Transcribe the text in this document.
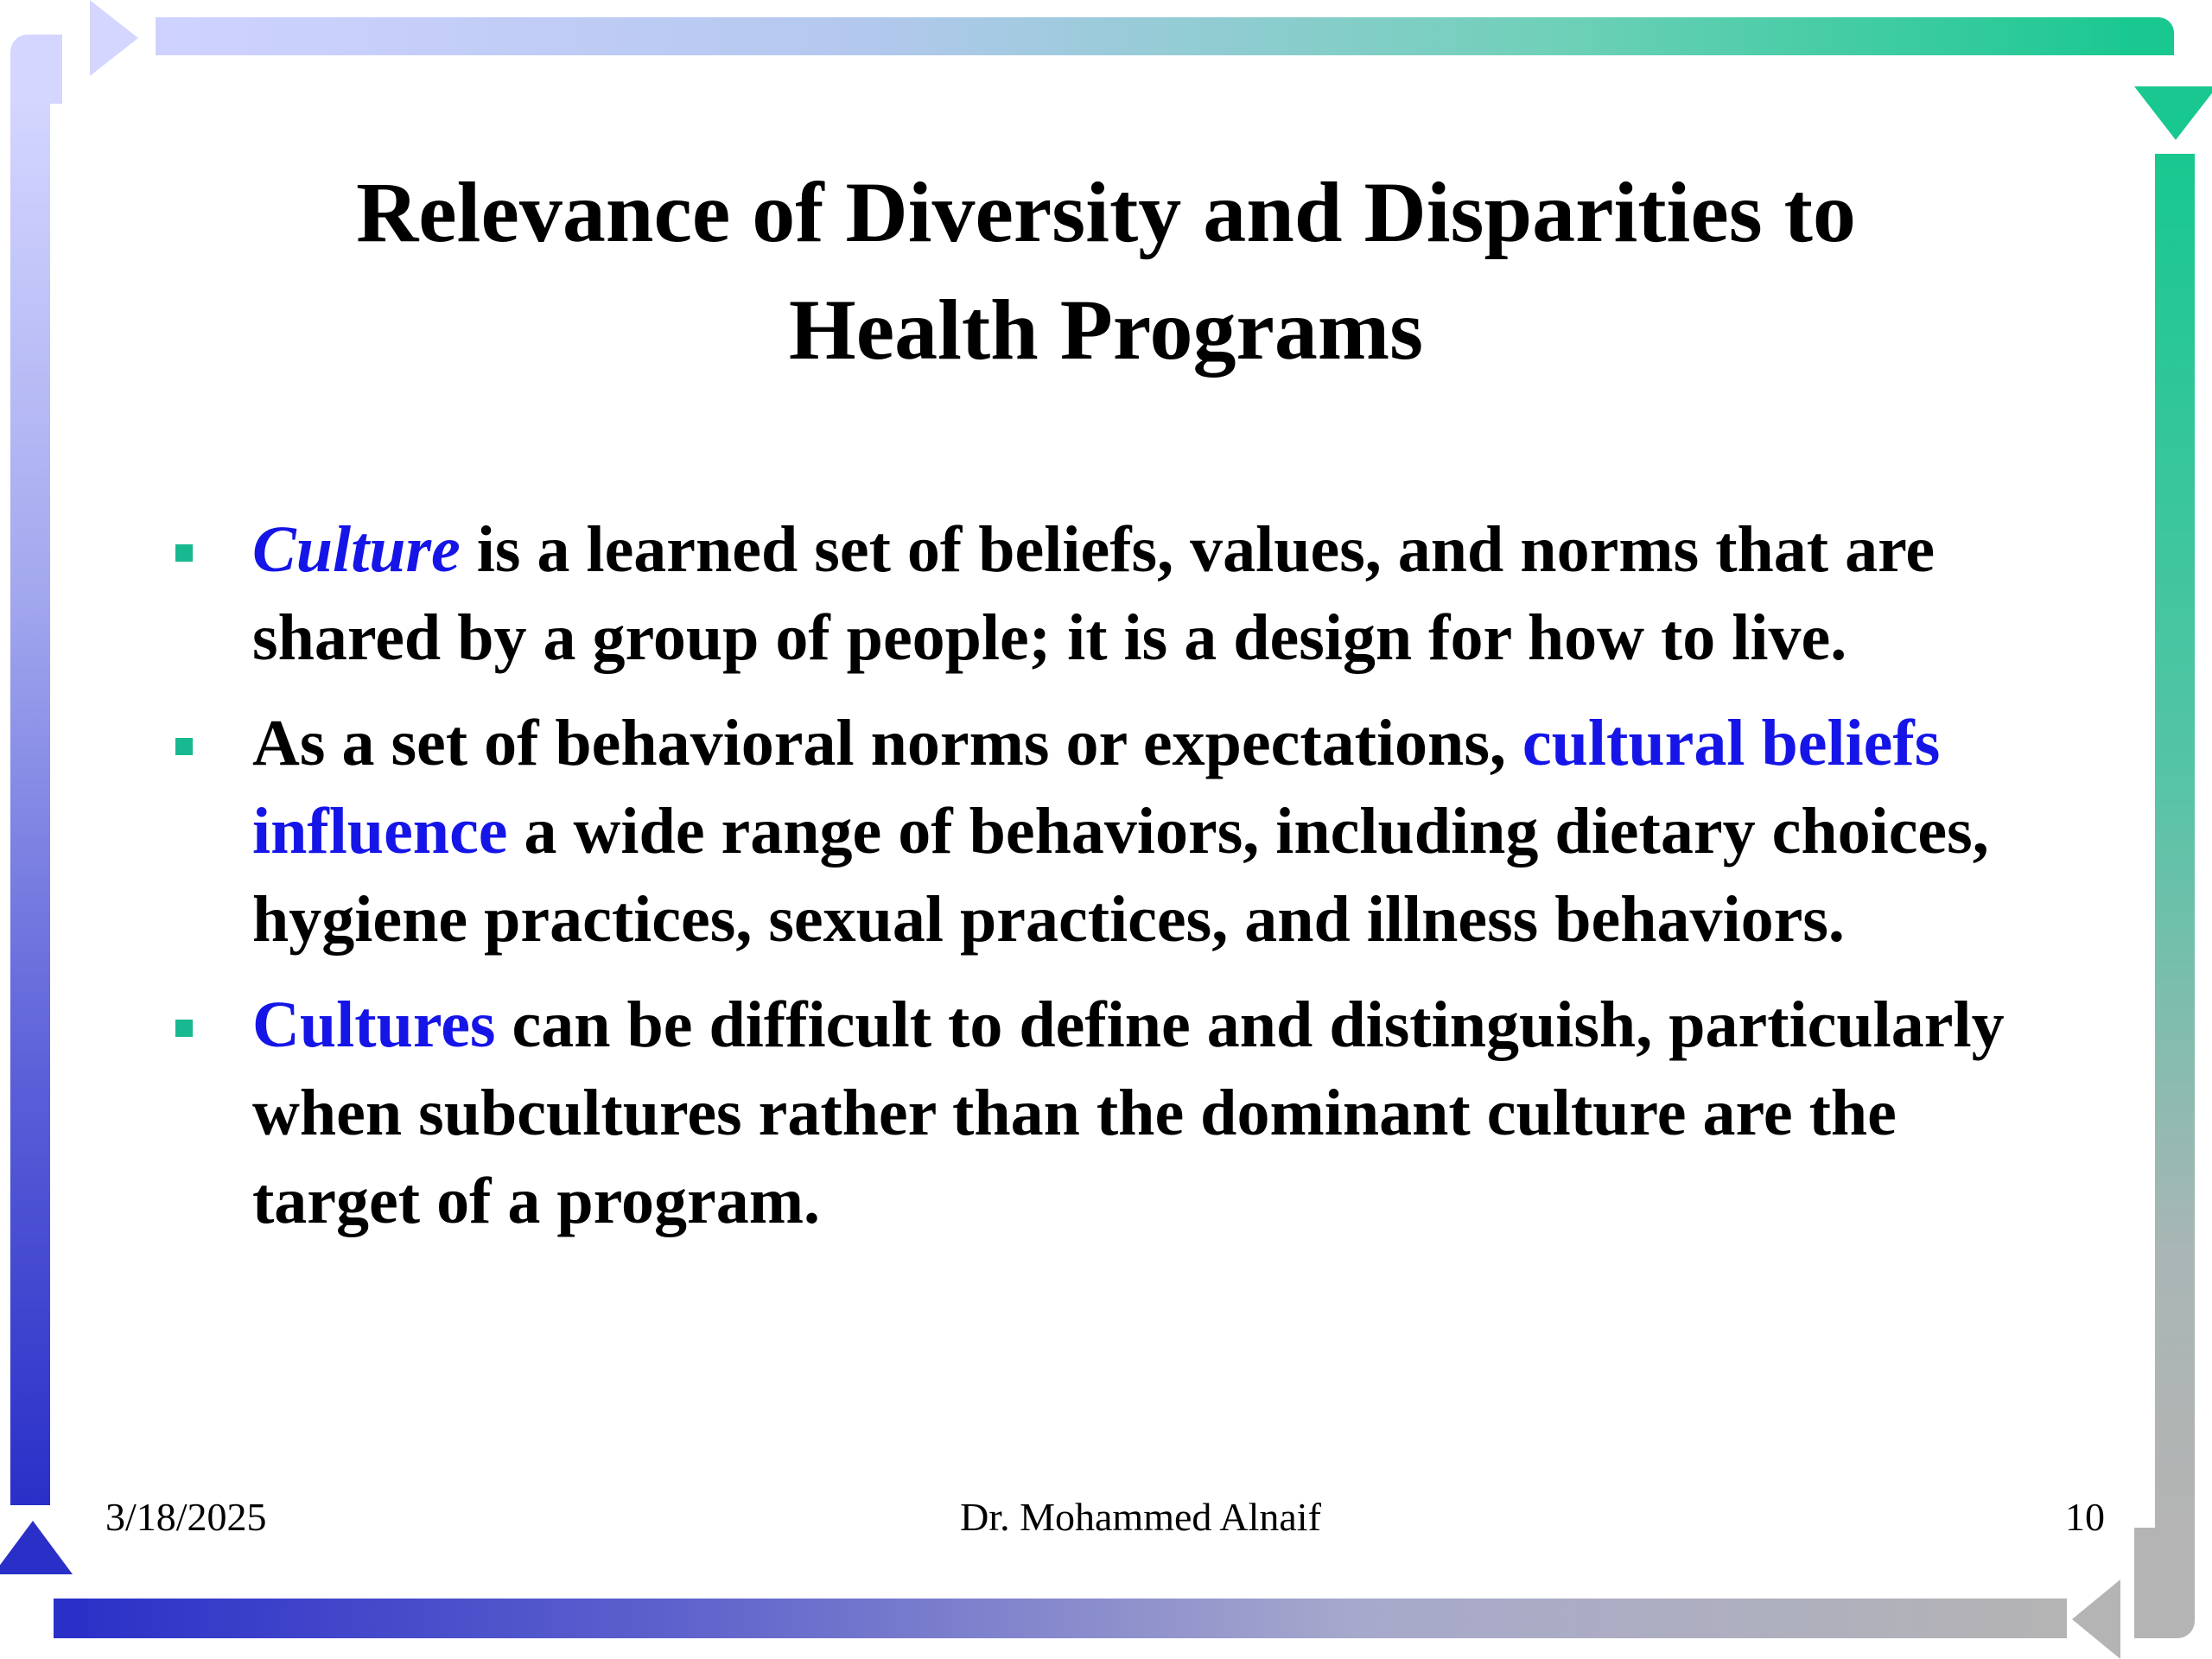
Relevance of Diversity and Disparities to
Health Programs
Culture is a learned set of beliefs, values, and norms that are shared by a group of people; it is a design for how to live.
As a set of behavioral norms or expectations, cultural beliefs influence a wide range of behaviors, including dietary choices, hygiene practices, sexual practices, and illness behaviors.
Cultures can be difficult to define and distinguish, particularly when subcultures rather than the dominant culture are the target of a program.
3/18/2025	Dr. Mohammed Alnaif	10
